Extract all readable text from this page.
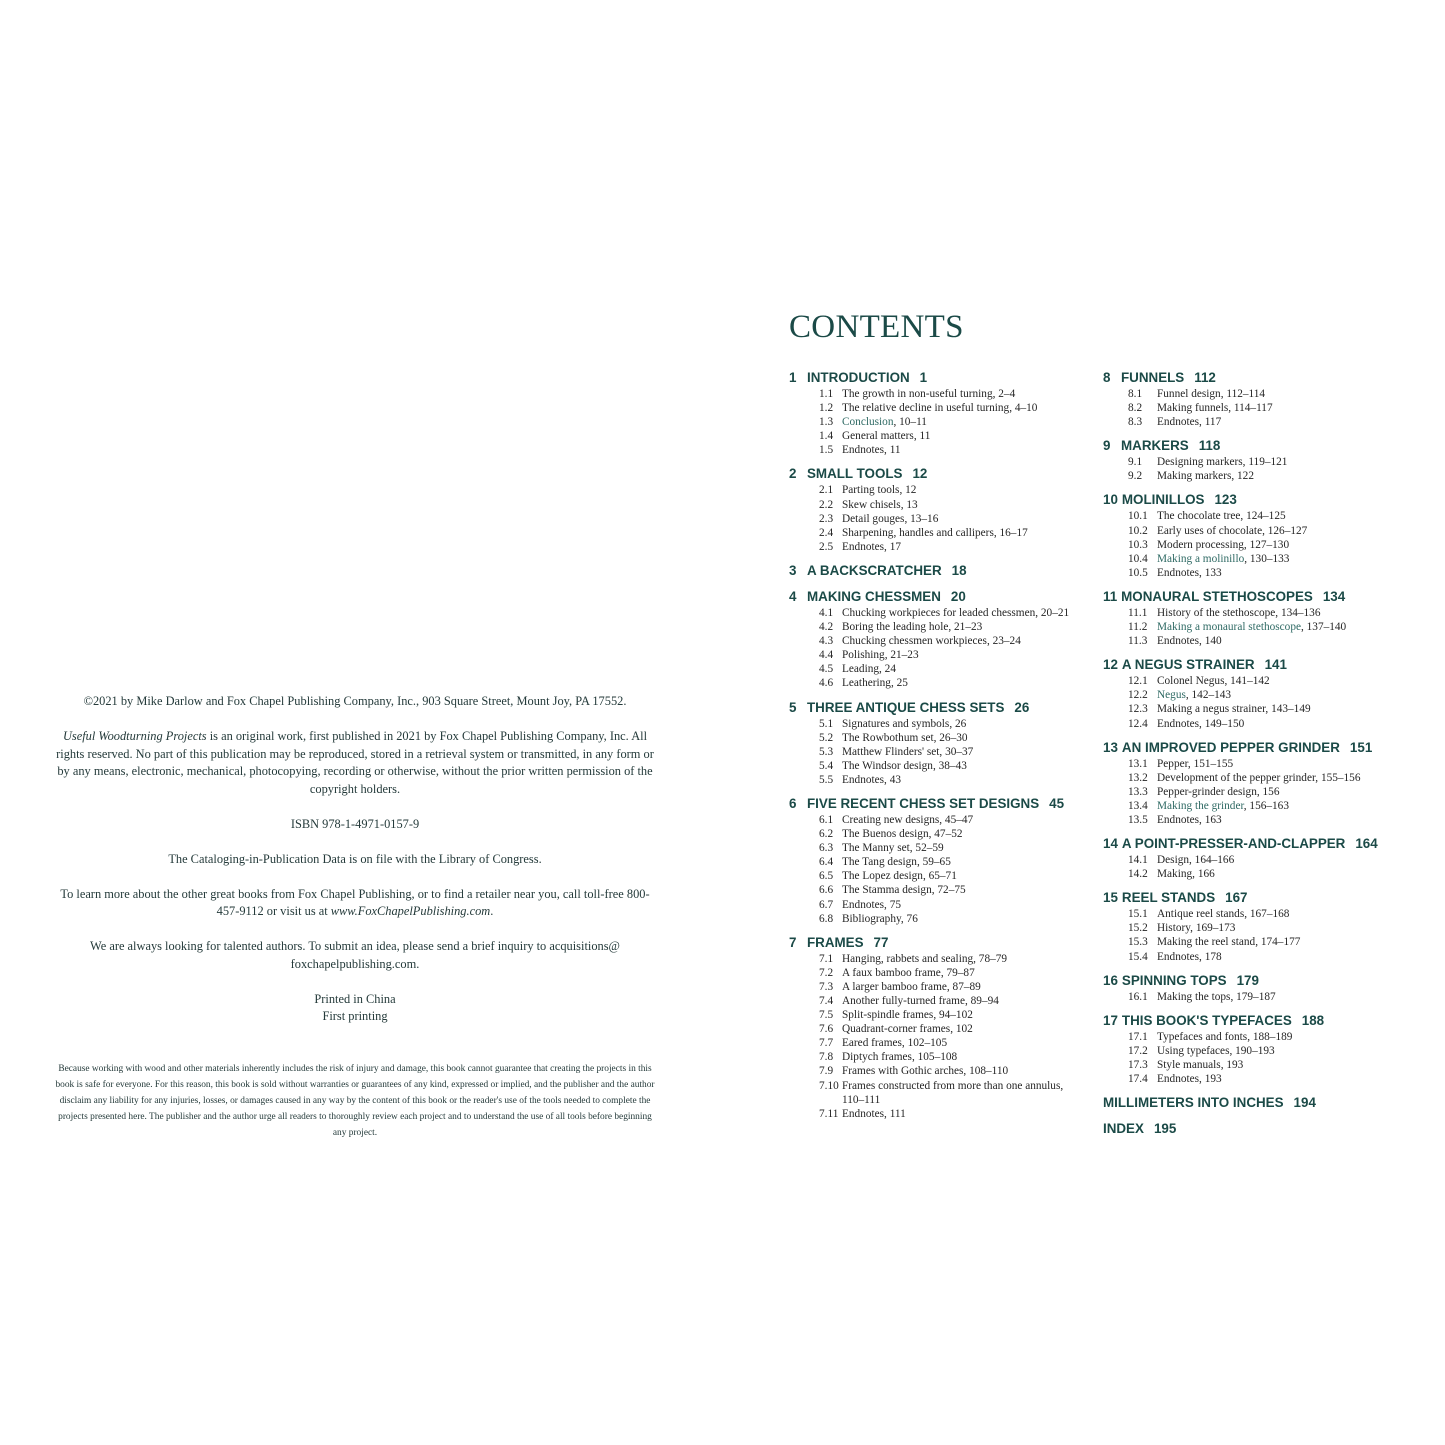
©2021 by Mike Darlow and Fox Chapel Publishing Company, Inc., 903 Square Street, Mount Joy, PA 17552.

Useful Woodturning Projects is an original work, first published in 2021 by Fox Chapel Publishing Company, Inc. All rights reserved. No part of this publication may be reproduced, stored in a retrieval system or transmitted, in any form or by any means, electronic, mechanical, photocopying, recording or otherwise, without the prior written permission of the copyright holders.

ISBN 978-1-4971-0157-9

The Cataloging-in-Publication Data is on file with the Library of Congress.

To learn more about the other great books from Fox Chapel Publishing, or to find a retailer near you, call toll-free 800-457-9112 or visit us at www.FoxChapelPublishing.com.

We are always looking for talented authors. To submit an idea, please send a brief inquiry to acquisitions@ foxchapelpublishing.com.

Printed in China

First printing

Because working with wood and other materials inherently includes the risk of injury and damage, this book cannot guarantee that creating the projects in this book is safe for everyone. For this reason, this book is sold without warranties or guarantees of any kind, expressed or implied, and the publisher and the author disclaim any liability for any injuries, losses, or damages caused in any way by the content of this book or the reader's use of the tools needed to complete the projects presented here. The publisher and the author urge all readers to thoroughly review each project and to understand the use of all tools before beginning any project.
CONTENTS
1 INTRODUCTION 1
1.1 The growth in non-useful turning , 2–4
1.2 The relative decline in useful turning , 4–10
1.3 Conclusion , 10–11
1.4 General matters , 11
1.5 Endnotes , 11
2 SMALL TOOLS 12
2.1 Parting tools , 12
2.2 Skew chisels , 13
2.3 Detail gouges , 13–16
2.4 Sharpening, handles and callipers , 16–17
2.5 Endnotes , 17
3 A BACKSCRATCHER 18
4 MAKING CHESSMEN 20
4.1 Chucking workpieces for leaded chessmen , 20–21
4.2 Boring the leading hole , 21–23
4.3 Chucking chessmen workpieces , 23–24
4.4 Polishing , 21–23
4.5 Leading , 24
4.6 Leathering , 25
5 THREE ANTIQUE CHESS SETS 26
5.1 Signatures and symbols , 26
5.2 The Rowbothum set , 26–30
5.3 Matthew Flinders' set , 30–37
5.4 The Windsor design , 38–43
5.5 Endnotes , 43
6 FIVE RECENT CHESS SET DESIGNS 45
6.1 Creating new designs , 45–47
6.2 The Buenos design , 47–52
6.3 The Manny set , 52–59
6.4 The Tang design , 59–65
6.5 The Lopez design , 65–71
6.6 The Stamma design , 72–75
6.7 Endnotes , 75
6.8 Bibliography , 76
7 FRAMES 77
7.1 Hanging, rabbets and sealing , 78–79
7.2 A faux bamboo frame , 79–87
7.3 A larger bamboo frame , 87–89
7.4 Another fully-turned frame , 89–94
7.5 Split-spindle frames , 94–102
7.6 Quadrant-corner frames , 102
7.7 Eared frames , 102–105
7.8 Diptych frames , 105–108
7.9 Frames with Gothic arches , 108–110
7.10 Frames constructed from more than one annulus, 110–111
7.11 Endnotes , 111
8 FUNNELS 112
8.1	Funnel design , 112–114
8.2	Making funnels , 114–117
8.3	Endnotes , 117
9 MARKERS 118
9.1	Designing markers , 119–121
9.2	Making markers , 122
10 MOLINILLOS 123
10.1 The chocolate tree , 124–125
10.2 Early uses of chocolate , 126–127
10.3 Modern processing , 127–130
10.4 Making a molinillo , 130–133
10.5 Endnotes , 133
11 MONAURAL STETHOSCOPES 134
11.1 History of the stethoscope , 134–136
11.2 Making a monaural stethoscope , 137–140
11.3 Endnotes , 140
12 A NEGUS STRAINER 141
12.1 Colonel Negus , 141–142
12.2 Negus , 142–143
12.3 Making a negus strainer , 143–149
12.4 Endnotes , 149–150
13 AN IMPROVED PEPPER GRINDER 151
13.1 Pepper , 151–155
13.2 Development of the pepper grinder , 155–156
13.3 Pepper-grinder design , 156
13.4 Making the grinder , 156–163
13.5 Endnotes , 163
14 A POINT-PRESSER-AND-CLAPPER 164
14.1 Design , 164–166
14.2 Making , 166
15 REEL STANDS 167
15.1 Antique reel stands , 167–168
15.2 History , 169–173
15.3 Making the reel stand , 174–177
15.4 Endnotes , 178
16 SPINNING TOPS 179
16.1 Making the tops , 179–187
17 THIS BOOK'S TYPEFACES 188
17.1 Typefaces and fonts , 188–189
17.2 Using typefaces , 190–193
17.3 Style manuals , 193
17.4 Endnotes , 193
MILLIMETERS INTO INCHES 194
INDEX 195
